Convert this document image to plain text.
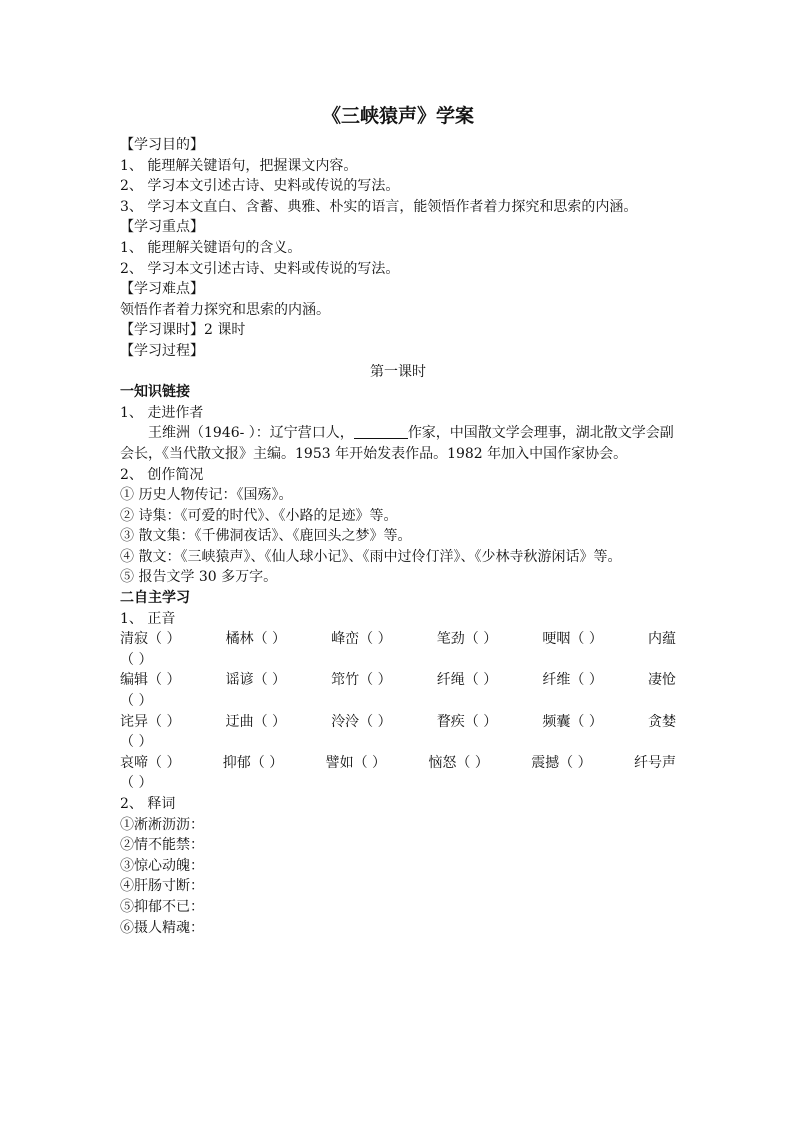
《三峡猿声》学案
【学习目的】
1、 能理解关键语句，把握课文内容。
2、 学习本文引述古诗、史料或传说的写法。
3、 学习本文直白、含蓄、典雅、朴实的语言，能领悟作者着力探究和思索的内涵。
【学习重点】
1、 能理解关键语句的含义。
2、 学习本文引述古诗、史料或传说的写法。
【学习难点】
领悟作者着力探究和思索的内涵。
【学习课时】2 课时
【学习过程】
第一课时
一知识链接
1、 走进作者
王维洲（1946- ）：辽宁营口人，	作家，中国散文学会理事，湖北散文学会副会长，《当代散文报》主编。1953 年开始发表作品。1982 年加入中国作家协会。
2、 创作简况
① 历史人物传记：《国殇》。
② 诗集：《可爱的时代》、《小路的足迹》等。
③ 散文集：《千佛洞夜话》、《鹿回头之梦》等。
④ 散文：《三峡猿声》、《仙人球小记》、《雨中过伶仃洋》、《少林寺秋游闲话》等。
⑤ 报告文学 30 多万字。
二自主学习
1、 正音
清寂（ ）	橘林（ ）	峰峦（ ）	笔劲（ ）	哽咽（ ）	内蕴
（ ）
编辑（ ）	谣谚（ ）	筇竹（ ）	纤绳（ ）	纤维（ ）	凄怆
（ ）
诧异（ ）	迂曲（ ）	泠泠（ ）	瞀疾（ ）	频囊（ ）	贪婪
（ ）
哀啼（ ）	抑郁（ ）	譬如（ ）	恼怒（ ）	震撼（ ）	纤号声
（ ）
2、 释词
①淅淅沥沥：
②情不能禁：
③惊心动魄：
④肝肠寸断：
⑤抑郁不已：
⑥摄人精魂：
